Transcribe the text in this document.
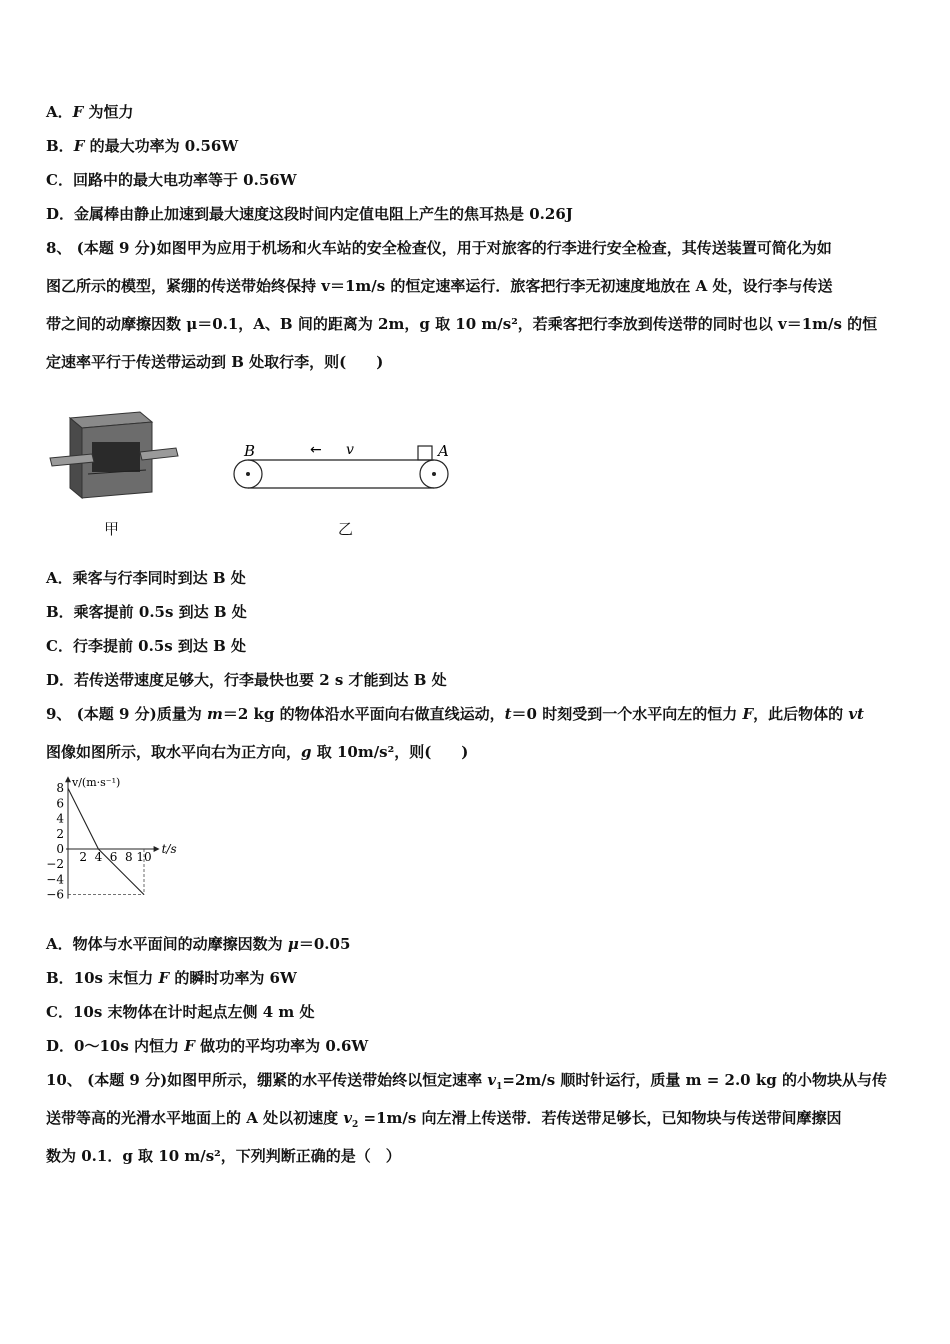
A．F 为恒力
B．F 的最大功率为 0.56W
C．回路中的最大电功率等于 0.56W
D．金属棒由静止加速到最大速度这段时间内定值电阻上产生的焦耳热是 0.26J
8、 (本题 9 分)如图甲为应用于机场和火车站的安全检查仪，用于对旅客的行李进行安全检查，其传送装置可简化为如
图乙所示的模型，紧绷的传送带始终保持 v＝1m/s 的恒定速率运行．旅客把行李无初速度地放在 A 处，设行李与传送
带之间的动摩擦因数 μ＝0.1，A、B 间的距离为 2m，g 取 10 m/s²，若乘客把行李放到传送带的同时也以 v＝1m/s 的恒
定速率平行于传送带运动到 B 处取行李，则(　　)
甲
B	← v	A
乙
A．乘客与行李同时到达 B 处
B．乘客提前 0.5s 到达 B 处
C．行李提前 0.5s 到达 B 处
D．若传送带速度足够大，行李最快也要 2 s 才能到达 B 处
9、 (本题 9 分)质量为 m＝2 kg 的物体沿水平面向右做直线运动，t＝0 时刻受到一个水平向左的恒力 F，此后物体的 vt
图像如图所示，取水平向右为正方向，g 取 10m/s²，则(　　)
v/(m·s⁻¹)
t/s
8
6
4
2
0
−2
−4
−6
2 4 6 8 10
A．物体与水平面间的动摩擦因数为 μ＝0.05
B．10s 末恒力 F 的瞬时功率为 6W
C．10s 末物体在计时起点左侧 4 m 处
D．0～10s 内恒力 F 做功的平均功率为 0.6W
10、 (本题 9 分)如图甲所示，绷紧的水平传送带始终以恒定速率 $v_1=2m/s$ 顺时针运行，质量 m = 2.0 kg 的小物块从与传
送带等高的光滑水平地面上的 A 处以初速度 $v_2 =1m/s$ 向左滑上传送带．若传送带足够长，已知物块与传送带间摩擦因
数为 0.1．g 取 10 m/s²，下列判断正确的是（　）
